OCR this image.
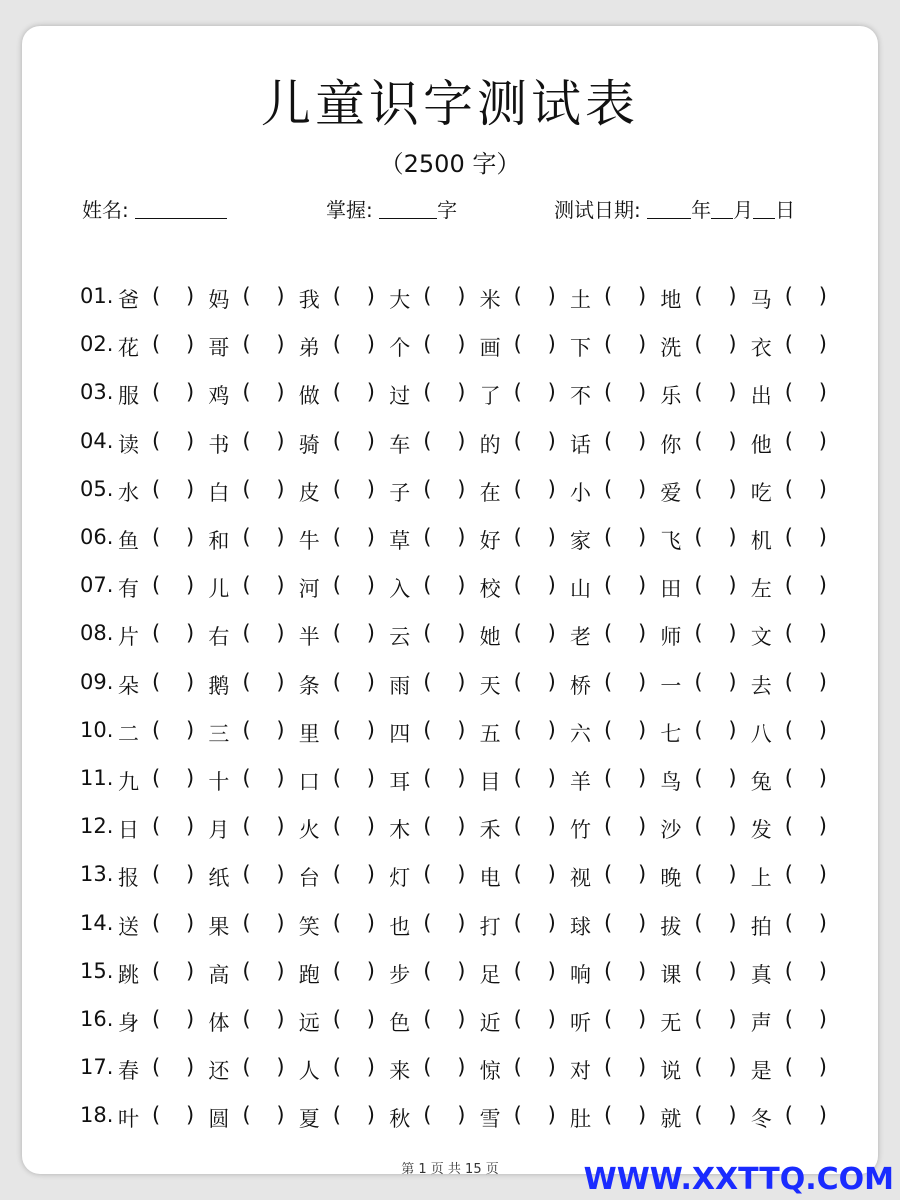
儿童识字测试表
（2500 字）
姓名:	掌握:	字	测试日期:	年 月 日
01. 爸 ( ) 妈 ( ) 我 ( ) 大 ( ) 米 ( ) 土 ( ) 地 ( ) 马 ( )
02. 花 ( ) 哥 ( ) 弟 ( ) 个 ( ) 画 ( ) 下 ( ) 洗 ( ) 衣 ( )
03. 服 ( ) 鸡 ( ) 做 ( ) 过 ( ) 了 ( ) 不 ( ) 乐 ( ) 出 ( )
04. 读 ( ) 书 ( ) 骑 ( ) 车 ( ) 的 ( ) 话 ( ) 你 ( ) 他 ( )
05. 水 ( ) 白 ( ) 皮 ( ) 子 ( ) 在 ( ) 小 ( ) 爱 ( ) 吃 ( )
06. 鱼 ( ) 和 ( ) 牛 ( ) 草 ( ) 好 ( ) 家 ( ) 飞 ( ) 机 ( )
07. 有 ( ) 儿 ( ) 河 ( ) 入 ( ) 校 ( ) 山 ( ) 田 ( ) 左 ( )
08. 片 ( ) 右 ( ) 半 ( ) 云 ( ) 她 ( ) 老 ( ) 师 ( ) 文 ( )
09. 朵 ( ) 鹅 ( ) 条 ( ) 雨 ( ) 天 ( ) 桥 ( ) 一 ( ) 去 ( )
10. 二 ( ) 三 ( ) 里 ( ) 四 ( ) 五 ( ) 六 ( ) 七 ( ) 八 ( )
11. 九 ( ) 十 ( ) 口 ( ) 耳 ( ) 目 ( ) 羊 ( ) 鸟 ( ) 兔 ( )
12. 日 ( ) 月 ( ) 火 ( ) 木 ( ) 禾 ( ) 竹 ( ) 沙 ( ) 发 ( )
13. 报 ( ) 纸 ( ) 台 ( ) 灯 ( ) 电 ( ) 视 ( ) 晚 ( ) 上 ( )
14. 送 ( ) 果 ( ) 笑 ( ) 也 ( ) 打 ( ) 球 ( ) 拔 ( ) 拍 ( )
15. 跳 ( ) 高 ( ) 跑 ( ) 步 ( ) 足 ( ) 响 ( ) 课 ( ) 真 ( )
16. 身 ( ) 体 ( ) 远 ( ) 色 ( ) 近 ( ) 听 ( ) 无 ( ) 声 ( )
17. 春 ( ) 还 ( ) 人 ( ) 来 ( ) 惊 ( ) 对 ( ) 说 ( ) 是 ( )
18. 叶 ( ) 圆 ( ) 夏 ( ) 秋 ( ) 雪 ( ) 肚 ( ) 就 ( ) 冬 ( )
第 1 页 共 15 页	WWW.XXTTQ.COM
